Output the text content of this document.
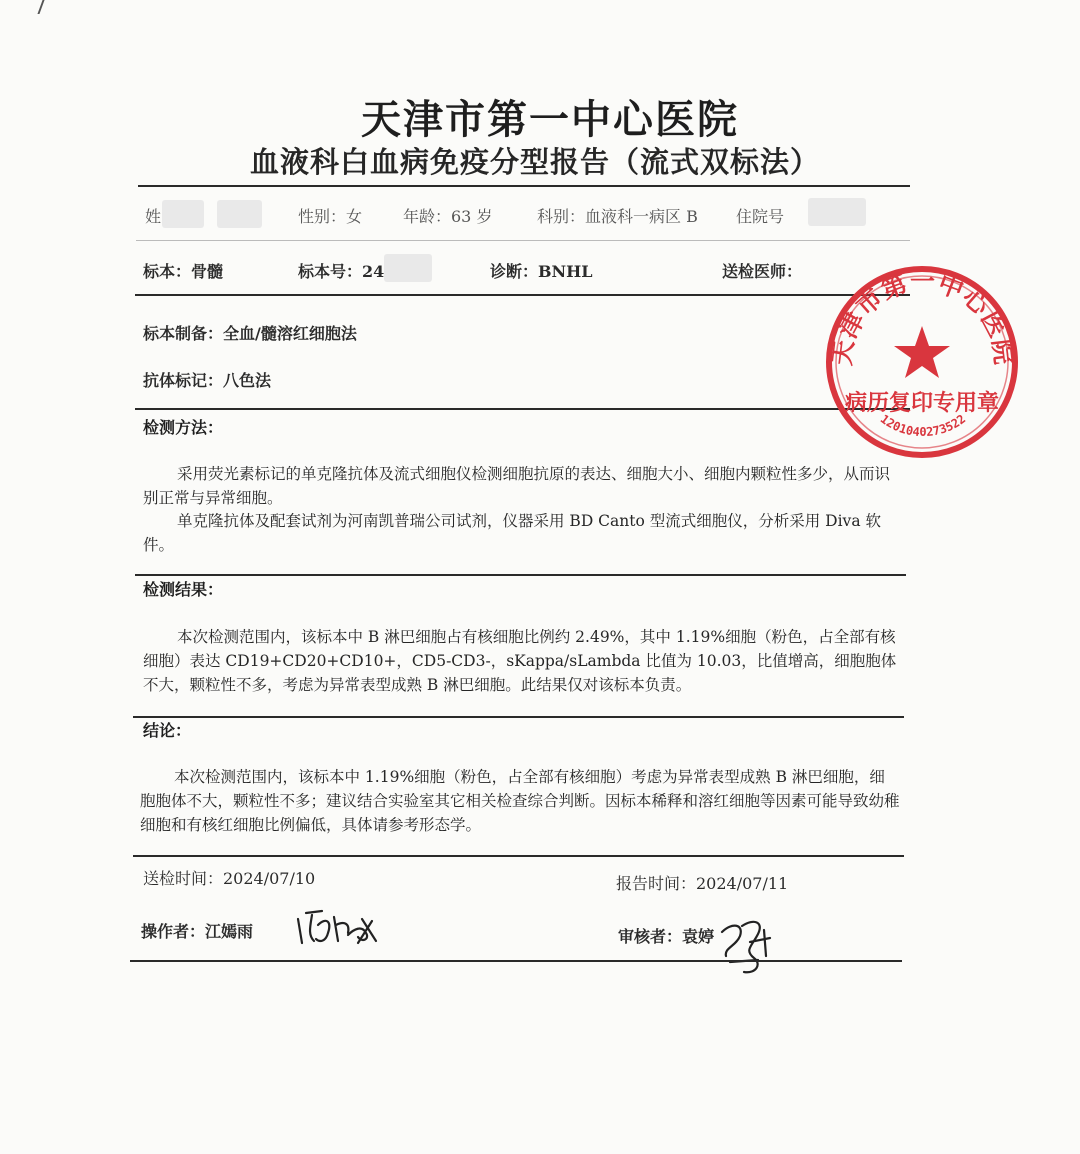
天津市第一中心医院
血液科白血病免疫分型报告（流式双标法）
姓	性别：女	年龄：63 岁	科别：血液科一病区 B 住院号
标本：骨髓	标本号：24	诊断：BNHL	送检医师：
标本制备：全血/髓溶红细胞法
抗体标记：八色法
检测方法：
采用荧光素标记的单克隆抗体及流式细胞仪检测细胞抗原的表达、细胞大小、细胞内颗粒性多少，从而识别正常与异常细胞。
单克隆抗体及配套试剂为河南凯普瑞公司试剂，仪器采用 BD Canto 型流式细胞仪，分析采用 Diva 软件。
检测结果：
本次检测范围内，该标本中 B 淋巴细胞占有核细胞比例约 2.49%，其中 1.19%细胞（粉色，占全部有核细胞）表达 CD19+CD20+CD10+，CD5-CD3-，sKappa/sLambda 比值为 10.03，比值增高，细胞胞体不大，颗粒性不多，考虑为异常表型成熟 B 淋巴细胞。此结果仅对该标本负责。
结论：
本次检测范围内，该标本中 1.19%细胞（粉色，占全部有核细胞）考虑为异常表型成熟 B 淋巴细胞，细胞胞体不大，颗粒性不多；建议结合实验室其它相关检查综合判断。因标本稀释和溶红细胞等因素可能导致幼稚细胞和有核红细胞比例偏低，具体请参考形态学。
送检时间：2024/07/10	报告时间：2024/07/11
操作者：江嫣雨	审核者：袁婷
天津市第一中心医院
病历复印专用章
1201040273522
